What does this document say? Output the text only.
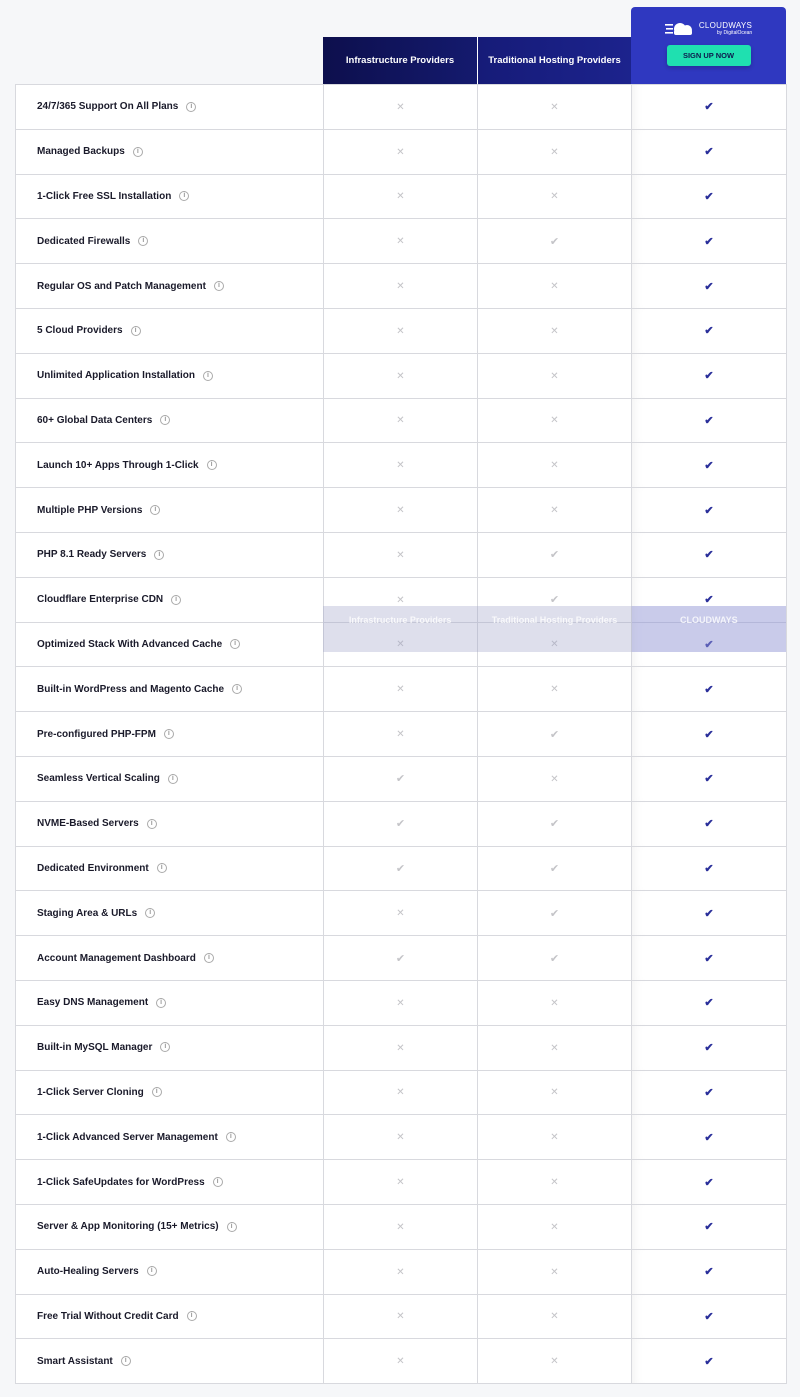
Infrastructure Providers	Traditional Hosting Providers
CLOUDWAYS
by DigitalOcean
SIGN UP NOW
24/7/365 Support On All Plans i	✕	✕	✔
Managed Backups i	✕	✕	✔
1-Click Free SSL Installation i	✕	✕	✔
Dedicated Firewalls i	✕	✔	✔
Regular OS and Patch Management i	✕	✕	✔
5 Cloud Providers i	✕	✕	✔
Unlimited Application Installation i	✕	✕	✔
60+ Global Data Centers i	✕	✕	✔
Launch 10+ Apps Through 1-Click i	✕	✕	✔
Multiple PHP Versions i	✕	✕	✔
PHP 8.1 Ready Servers i	✕	✔	✔
Cloudflare Enterprise CDN i	✕	✔	✔
Optimized Stack With Advanced Cache i	✕	✕	✔
Built-in WordPress and Magento Cache i	✕	✕	✔
Pre-configured PHP-FPM i	✕	✔	✔
Seamless Vertical Scaling i	✔	✕	✔
NVME-Based Servers i	✔	✔	✔
Dedicated Environment i	✔	✔	✔
Staging Area & URLs i	✕	✔	✔
Account Management Dashboard i	✔	✔	✔
Easy DNS Management i	✕	✕	✔
Built-in MySQL Manager i	✕	✕	✔
1-Click Server Cloning i	✕	✕	✔
1-Click Advanced Server Management i	✕	✕	✔
1-Click SafeUpdates for WordPress i	✕	✕	✔
Server & App Monitoring (15+ Metrics) i	✕	✕	✔
Auto-Healing Servers i	✕	✕	✔
Free Trial Without Credit Card i	✕	✕	✔
Smart Assistant i	✕	✕	✔
Infrastructure Providers	Traditional Hosting Providers	CLOUDWAYS
